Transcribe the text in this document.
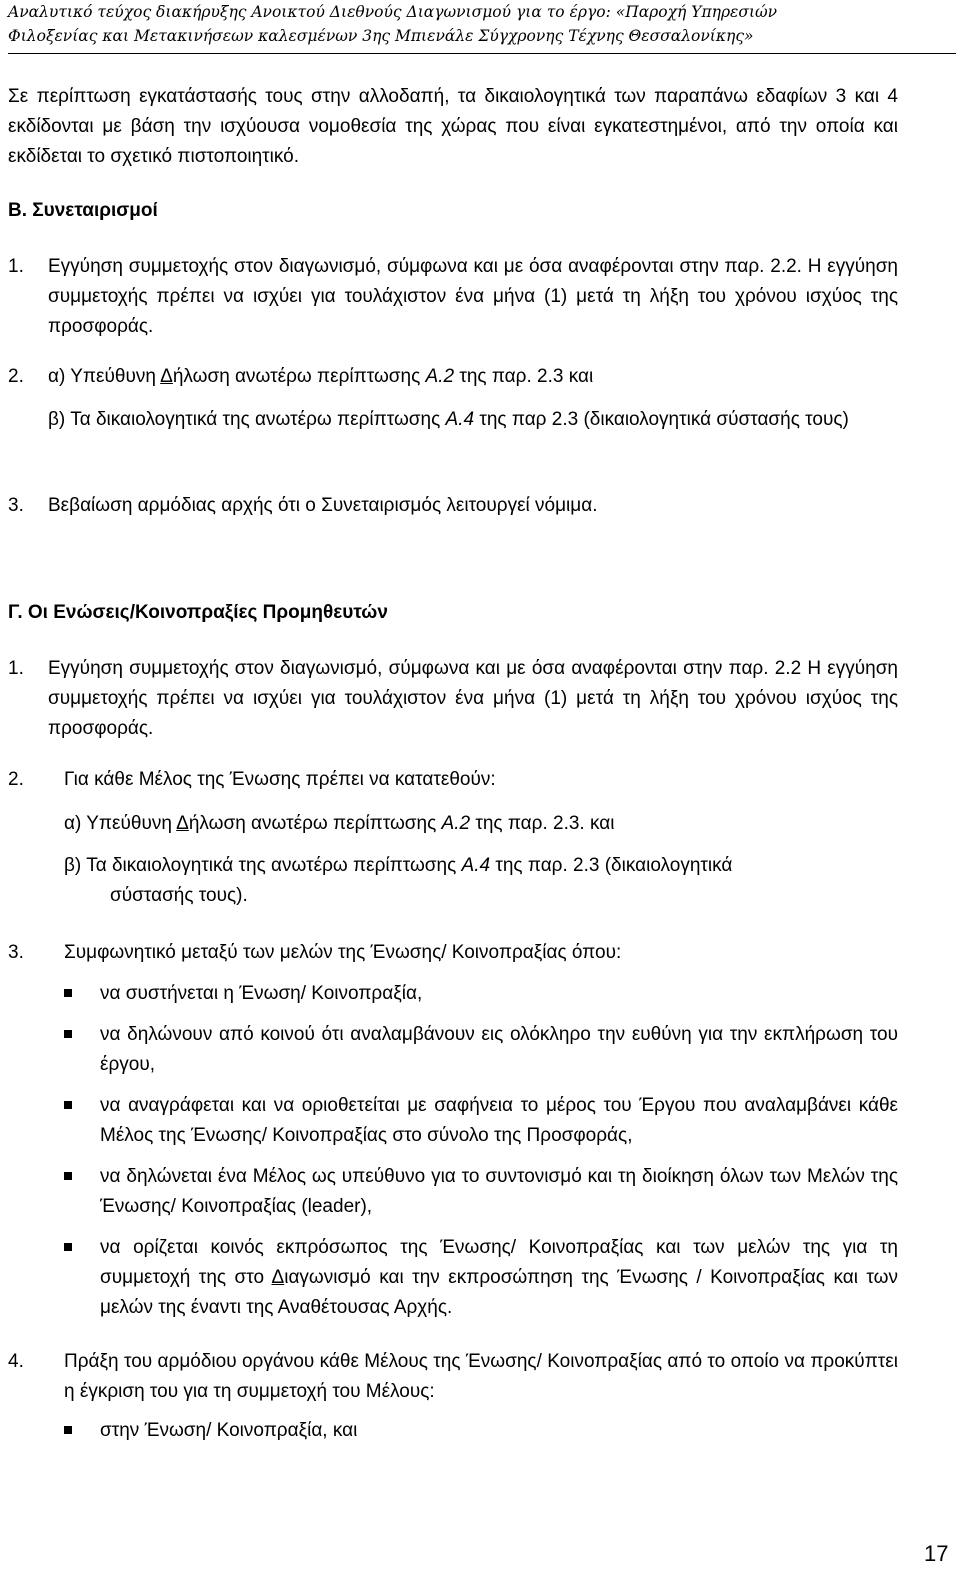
Αναλυτικό τεύχος διακήρυξης Ανοικτού Διεθνούς Διαγωνισμού για το έργο: «Παροχή Υπηρεσιών
Φιλοξενίας και Μετακινήσεων καλεσμένων 3ης Μπιενάλε Σύγχρονης Τέχνης Θεσσαλονίκης»
Σε περίπτωση εγκατάστασής τους στην αλλοδαπή, τα δικαιολογητικά των παραπάνω εδαφίων 3 και 4 εκδίδονται με βάση την ισχύουσα νομοθεσία της χώρας που είναι εγκατεστημένοι, από την οποία και εκδίδεται το σχετικό πιστοποιητικό.
Β. Συνεταιρισμοί
1.	Εγγύηση συμμετοχής στον διαγωνισμό, σύμφωνα και με όσα αναφέρονται στην παρ. 2.2. Η εγγύηση συμμετοχής πρέπει να ισχύει για τουλάχιστον ένα μήνα (1) μετά τη λήξη του χρόνου ισχύος της προσφοράς.
2.	α) Υπεύθυνη Δήλωση ανωτέρω περίπτωσης Α.2 της παρ. 2.3 και
β) Τα δικαιολογητικά της ανωτέρω περίπτωσης Α.4 της παρ 2.3 (δικαιολογητικά σύστασής τους)
3.	Βεβαίωση αρμόδιας αρχής ότι ο Συνεταιρισμός λειτουργεί νόμιμα.
Γ. Οι Ενώσεις/Κοινοπραξίες Προμηθευτών
1.	Εγγύηση συμμετοχής στον διαγωνισμό, σύμφωνα και με όσα αναφέρονται στην παρ. 2.2 Η εγγύηση συμμετοχής πρέπει να ισχύει για τουλάχιστον ένα μήνα (1) μετά τη λήξη του χρόνου ισχύος της προσφοράς.
2.	Για κάθε Μέλος της Ένωσης πρέπει να κατατεθούν:
α) Υπεύθυνη Δήλωση ανωτέρω περίπτωσης Α.2 της παρ. 2.3. και
β) Τα δικαιολογητικά της ανωτέρω περίπτωσης Α.4 της παρ. 2.3 (δικαιολογητικά
σύστασής τους).
3.	Συμφωνητικό μεταξύ των μελών της Ένωσης/ Κοινοπραξίας όπου:
να συστήνεται η Ένωση/ Κοινοπραξία,
να δηλώνουν από κοινού ότι αναλαμβάνουν εις ολόκληρο την ευθύνη για την εκπλήρωση του έργου,
να αναγράφεται και να οριοθετείται με σαφήνεια το μέρος του Έργου που αναλαμβάνει κάθε Μέλος της Ένωσης/ Κοινοπραξίας στο σύνολο της Προσφοράς,
να δηλώνεται ένα Μέλος ως υπεύθυνο για το συντονισμό και τη διοίκηση όλων των Μελών της Ένωσης/ Κοινοπραξίας (leader),
να ορίζεται κοινός εκπρόσωπος της Ένωσης/ Κοινοπραξίας και των μελών της για τη συμμετοχή της στο Διαγωνισμό και την εκπροσώπηση της Ένωσης / Κοινοπραξίας και των μελών της έναντι της Αναθέτουσας Αρχής.
4.	Πράξη του αρμόδιου οργάνου κάθε Μέλους της Ένωσης/ Κοινοπραξίας από το οποίο να προκύπτει η έγκριση του για τη συμμετοχή του Μέλους:
στην Ένωση/ Κοινοπραξία, και
17
